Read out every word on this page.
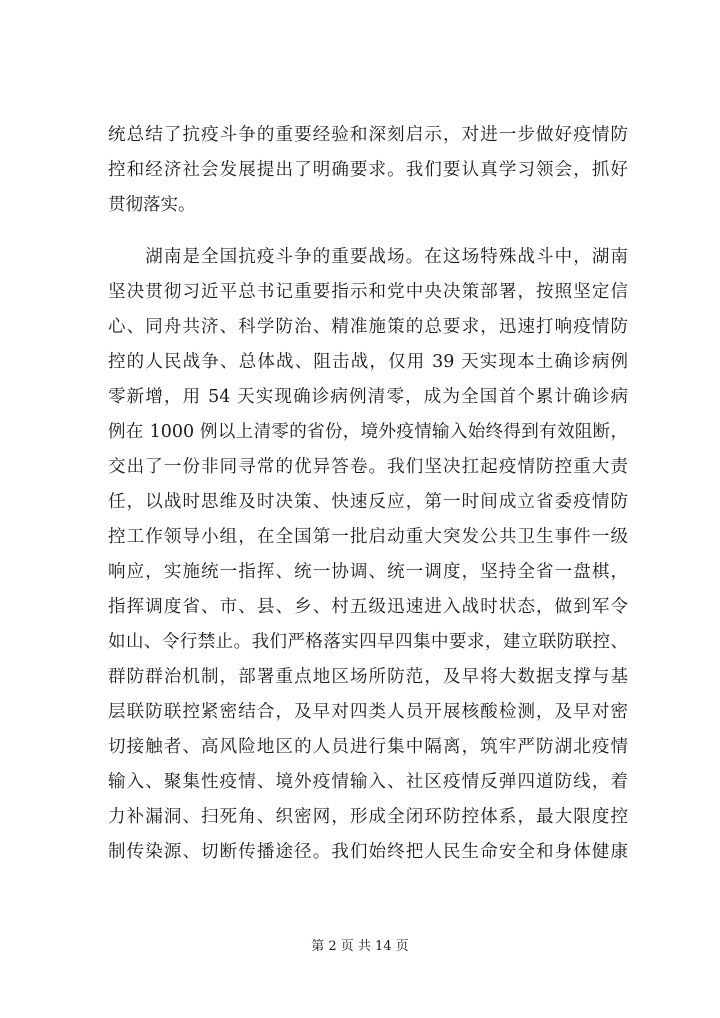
统总结了抗疫斗争的重要经验和深刻启示，对进一步做好疫情防
控和经济社会发展提出了明确要求。我们要认真学习领会，抓好
贯彻落实。
　　湖南是全国抗疫斗争的重要战场。在这场特殊战斗中，湖南
坚决贯彻习近平总书记重要指示和党中央决策部署，按照坚定信
心、同舟共济、科学防治、精准施策的总要求，迅速打响疫情防
控的人民战争、总体战、阻击战，仅用 39 天实现本土确诊病例
零新增，用 54 天实现确诊病例清零，成为全国首个累计确诊病
例在 1000 例以上清零的省份，境外疫情输入始终得到有效阻断，
交出了一份非同寻常的优异答卷。我们坚决扛起疫情防控重大责
任，以战时思维及时决策、快速反应，第一时间成立省委疫情防
控工作领导小组，在全国第一批启动重大突发公共卫生事件一级
响应，实施统一指挥、统一协调、统一调度，坚持全省一盘棋，
指挥调度省、市、县、乡、村五级迅速进入战时状态，做到军令
如山、令行禁止。我们严格落实四早四集中要求，建立联防联控、
群防群治机制，部署重点地区场所防范，及早将大数据支撑与基
层联防联控紧密结合，及早对四类人员开展核酸检测，及早对密
切接触者、高风险地区的人员进行集中隔离，筑牢严防湖北疫情
输入、聚集性疫情、境外疫情输入、社区疫情反弹四道防线，着
力补漏洞、扫死角、织密网，形成全闭环防控体系，最大限度控
制传染源、切断传播途径。我们始终把人民生命安全和身体健康
第 2 页 共 14 页
